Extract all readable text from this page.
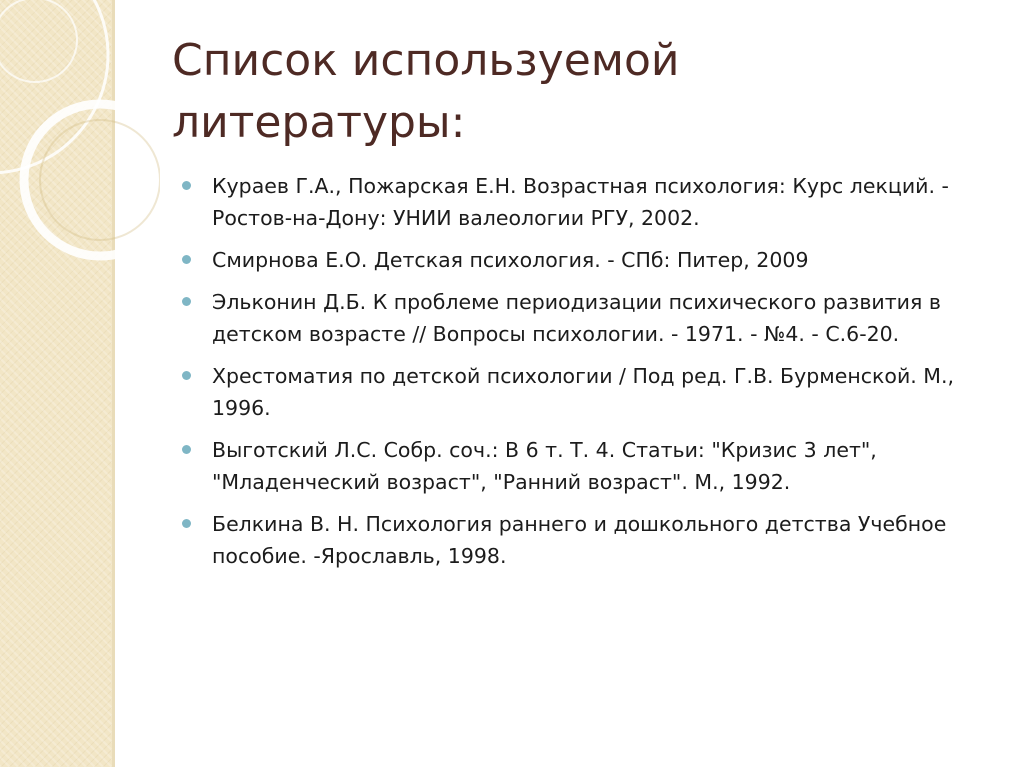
Список используемой литературы:
Кураев Г.А., Пожарская Е.Н. Возрастная психология: Курс лекций. - Ростов-на-Дону: УНИИ валеологии РГУ, 2002.
Смирнова Е.О. Детская психология. - СПб: Питер, 2009
Эльконин Д.Б. К проблеме периодизации психического развития в детском возрасте // Вопросы психологии. - 1971. - №4. - С.6-20.
Хрестоматия по детской психологии / Под ред. Г.В. Бурменской. М., 1996.
Выготский Л.С. Собр. соч.: В 6 т. Т. 4. Статьи: "Кризис 3 лет", "Младенческий возраст", "Ранний возраст". М., 1992.
Белкина В. Н. Психология раннего и дошкольного детства Учебное пособие. -Ярославль, 1998.
